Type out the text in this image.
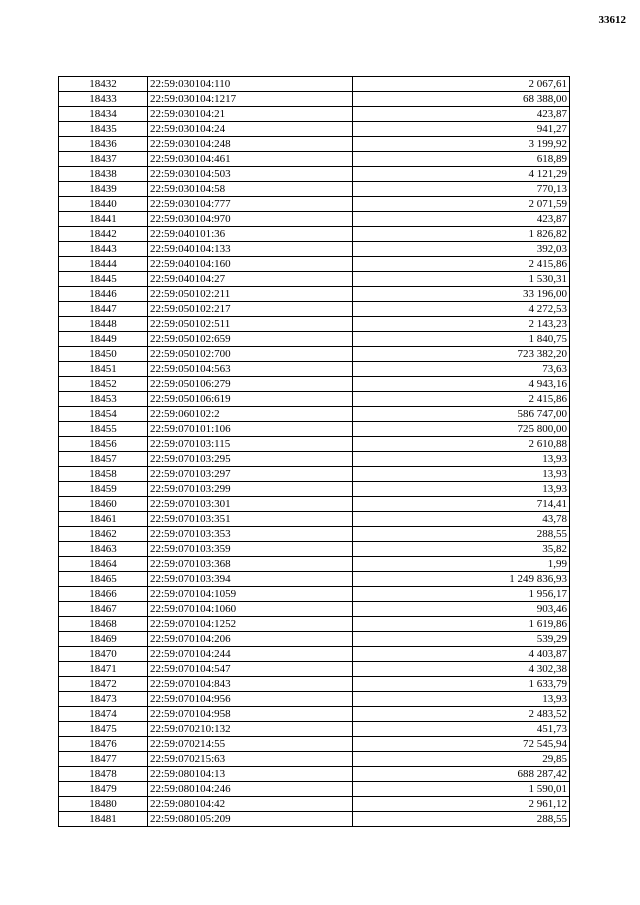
33612
18432	22:59:030104:110	2 067,61
18433	22:59:030104:1217	68 388,00
18434	22:59:030104:21	423,87
18435	22:59:030104:24	941,27
18436	22:59:030104:248	3 199,92
18437	22:59:030104:461	618,89
18438	22:59:030104:503	4 121,29
18439	22:59:030104:58	770,13
18440	22:59:030104:777	2 071,59
18441	22:59:030104:970	423,87
18442	22:59:040101:36	1 826,82
18443	22:59:040104:133	392,03
18444	22:59:040104:160	2 415,86
18445	22:59:040104:27	1 530,31
18446	22:59:050102:211	33 196,00
18447	22:59:050102:217	4 272,53
18448	22:59:050102:511	2 143,23
18449	22:59:050102:659	1 840,75
18450	22:59:050102:700	723 382,20
18451	22:59:050104:563	73,63
18452	22:59:050106:279	4 943,16
18453	22:59:050106:619	2 415,86
18454	22:59:060102:2	586 747,00
18455	22:59:070101:106	725 800,00
18456	22:59:070103:115	2 610,88
18457	22:59:070103:295	13,93
18458	22:59:070103:297	13,93
18459	22:59:070103:299	13,93
18460	22:59:070103:301	714,41
18461	22:59:070103:351	43,78
18462	22:59:070103:353	288,55
18463	22:59:070103:359	35,82
18464	22:59:070103:368	1,99
18465	22:59:070103:394	1 249 836,93
18466	22:59:070104:1059	1 956,17
18467	22:59:070104:1060	903,46
18468	22:59:070104:1252	1 619,86
18469	22:59:070104:206	539,29
18470	22:59:070104:244	4 403,87
18471	22:59:070104:547	4 302,38
18472	22:59:070104:843	1 633,79
18473	22:59:070104:956	13,93
18474	22:59:070104:958	2 483,52
18475	22:59:070210:132	451,73
18476	22:59:070214:55	72 545,94
18477	22:59:070215:63	29,85
18478	22:59:080104:13	688 287,42
18479	22:59:080104:246	1 590,01
18480	22:59:080104:42	2 961,12
18481	22:59:080105:209	288,55
